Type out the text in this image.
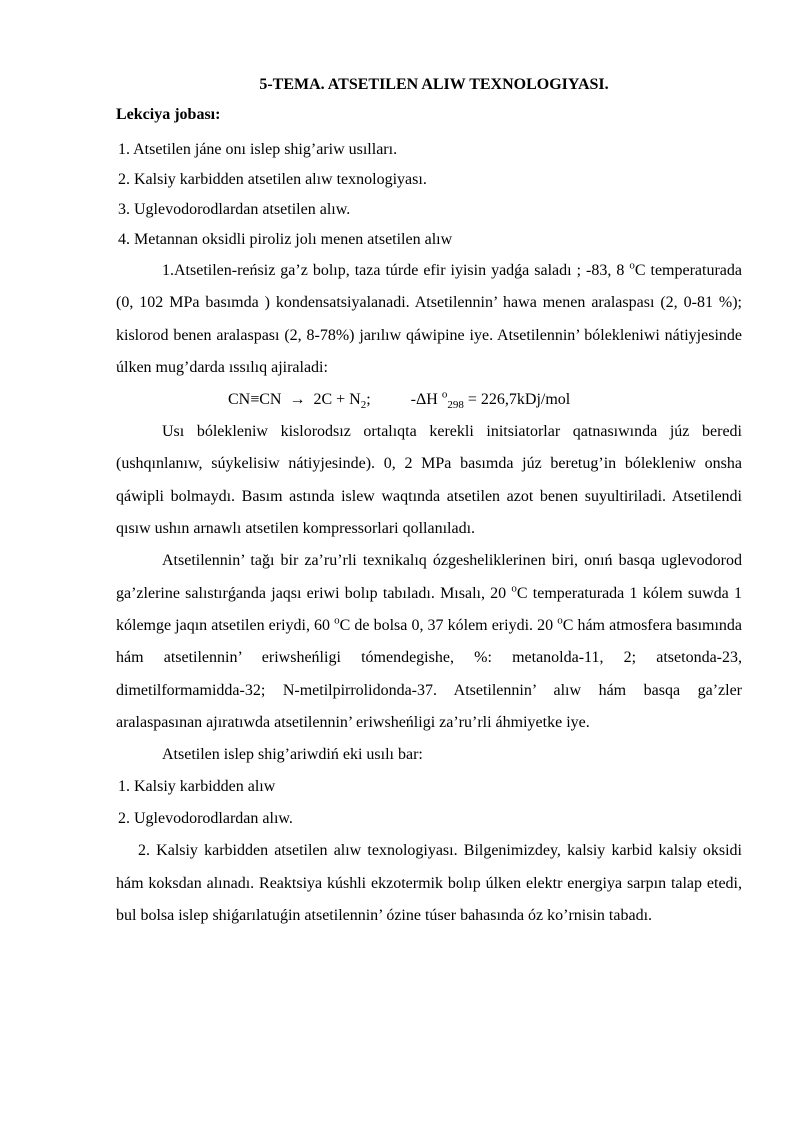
5-TEMA. ATSETILEN ALIW TEXNOLOGIYASI.
Lekciya jobası:
1. Atsetilen jáne onı islep shig’ariw usılları.
2. Kalsiy karbidden atsetilen alıw texnologiyası.
3. Uglevodorodlardan atsetilen alıw.
4. Metannan oksidli piroliz jolı menen atsetilen alıw

1.Atsetilen-reńsiz ga’z bolıp, taza túrde efir iyisin yadǵa saladı ; -83, 8 $^o$C temperaturada (0, 102 MPa basımda ) kondensatsiyalanadi. Atsetilennin’ hawa menen aralaspası (2, 0-81 %); kislorod benen aralaspası (2, 8-78%) jarılıw qáwipine iye. Atsetilennin’ bólekleniwi nátiyjesinde úlken mug’darda ıssılıq ajiraladi:

$CN\equiv CN \to 2C + N_2$;          -ΔH $^o_{298}$ = 226,7kDj/mol

Usı bólekleniw kislorodsız ortalıqta kerekli initsiatorlar qatnasıwında júz beredi (ushqınlanıw, súykelisiw nátiyjesinde). 0, 2 MPa basımda júz beretug’in bólekleniw onsha qáwipli bolmaydı. Basım astında islew waqtında atsetilen azot benen suyultiriladi. Atsetilendi qısıw ushın arnawlı atsetilen kompressorlari qollanıladı.

Atsetilennin’ tağı bir za’ru’rli texnikalıq ózgesheliklerinen biri, onıń basqa uglevodorod ga’zlerine salıstırǵanda jaqsı eriwi bolıp tabıladı. Mısalı, 20 $^o$C temperaturada 1 kólem suwda 1 kólemge jaqın atsetilen eriydi, 60 $^o$C de bolsa 0, 37 kólem eriydi. 20 $^o$C hám atmosfera basımında hám atsetilennin’ eriwsheńligi tómendegishe, %: metanolda-11, 2; atsetonda-23, dimetilformamidda-32; N-metilpirrolidonda-37. Atsetilennin’ alıw hám basqa ga’zler aralaspasınan ajıratıwda atsetilennin’ eriwsheńligi za’ru’rli áhmiyetke iye.

Atsetilen islep shig’ariwdiń eki usılı bar:

1. Kalsiy karbidden alıw
2. Uglevodorodlardan alıw.

2. Kalsiy karbidden atsetilen alıw texnologiyası. Bilgenimizdey, kalsiy karbid kalsiy oksidi hám koksdan alınadı. Reaktsiya kúshli ekzotermik bolıp úlken elektr energiya sarpın talap etedi, bul bolsa islep shiǵarılatuǵin atsetilennin’ ózine túser bahasında óz ko’rnisin tabadı.
